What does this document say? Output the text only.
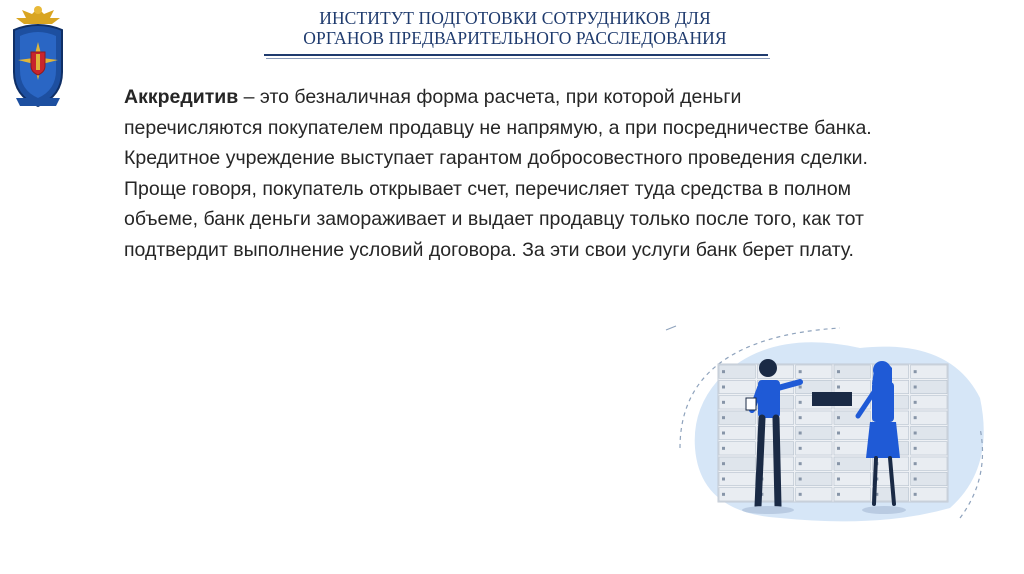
ИНСТИТУТ ПОДГОТОВКИ СОТРУДНИКОВ ДЛЯ
ОРГАНОВ ПРЕДВАРИТЕЛЬНОГО РАССЛЕДОВАНИЯ
Аккредитив – это безналичная форма расчета, при которой деньги перечисляются покупателем продавцу не напрямую, а при посредничестве банка. Кредитное учреждение выступает гарантом добросовестного проведения сделки. Проще говоря, покупатель открывает счет, перечисляет туда средства в полном объеме, банк деньги замораживает и выдает продавцу только после того, как тот подтвердит выполнение условий договора. За эти свои услуги банк берет плату.
